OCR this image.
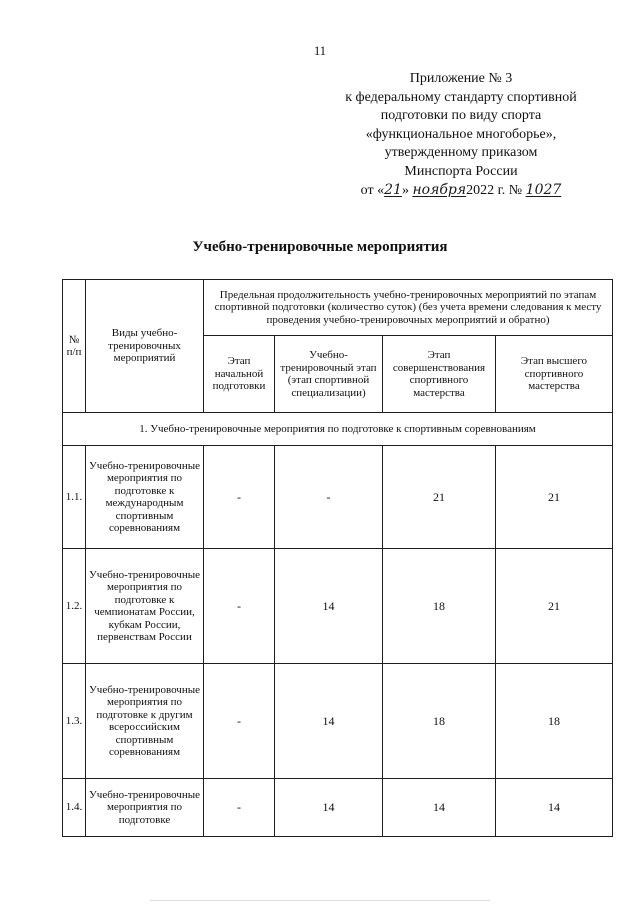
11
Приложение № 3
к федеральному стандарту спортивной
подготовки по виду спорта
«функциональное многоборье»,
утвержденному приказом
Минспорта России
от «21» ноября2022 г. № 1027
Учебно-тренировочные мероприятия
№ п/п	Виды учебно-тренировочных мероприятий	Предельная продолжительность учебно-тренировочных мероприятий по этапам спортивной подготовки (количество суток) (без учета времени следования к месту проведения учебно-тренировочных мероприятий и обратно)			
		Этап начальной подготовки	Учебно-тренировочный этап (этап спортивной специализации)	Этап совершенствования спортивного мастерства	Этап высшего спортивного мастерства
1. Учебно-тренировочные мероприятия по подготовке к спортивным соревнованиям					
1.1.	Учебно-тренировочные мероприятия по подготовке к международным спортивным соревнованиям	-	-	21	21
1.2.	Учебно-тренировочные мероприятия по подготовке к чемпионатам России, кубкам России, первенствам России	-	14	18	21
1.3.	Учебно-тренировочные мероприятия по подготовке к другим всероссийским спортивным соревнованиям	-	14	18	18
1.4.	Учебно-тренировочные мероприятия по подготовке	-	14	14	14
